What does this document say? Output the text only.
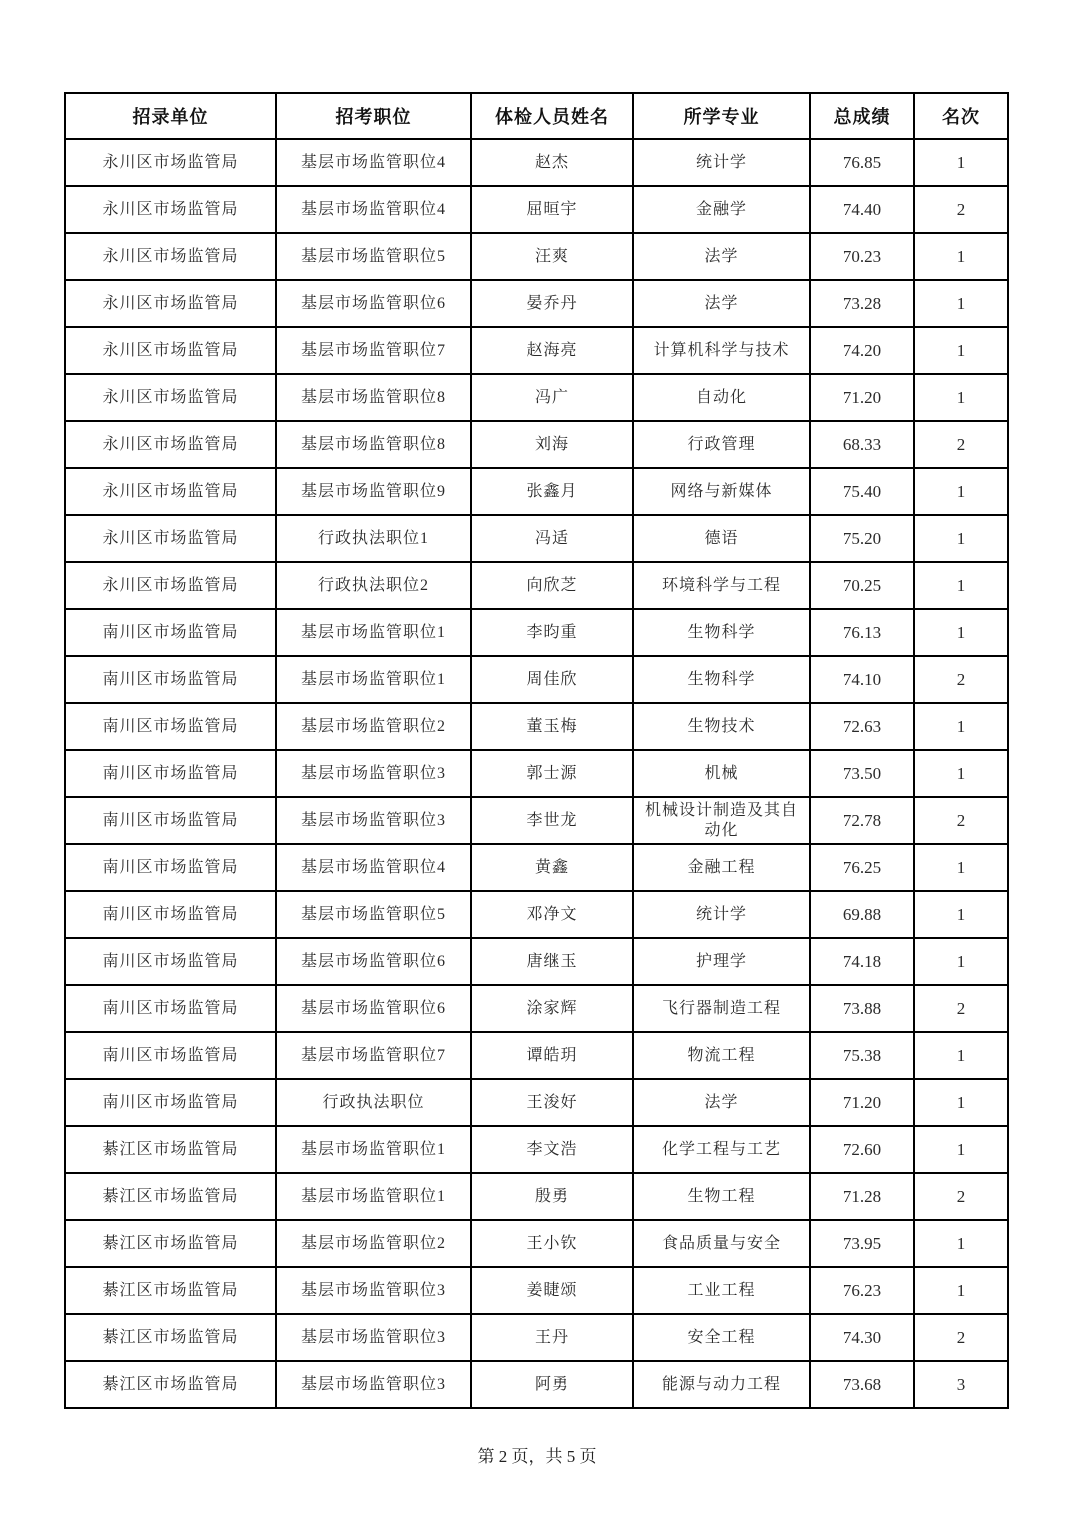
招录单位	招考职位	体检人员姓名	所学专业	总成绩	名次
永川区市场监管局	基层市场监管职位4	赵杰	统计学	76.85	1
永川区市场监管局	基层市场监管职位4	屈晅宇	金融学	74.40	2
永川区市场监管局	基层市场监管职位5	汪爽	法学	70.23	1
永川区市场监管局	基层市场监管职位6	晏乔丹	法学	73.28	1
永川区市场监管局	基层市场监管职位7	赵海亮	计算机科学与技术	74.20	1
永川区市场监管局	基层市场监管职位8	冯广	自动化	71.20	1
永川区市场监管局	基层市场监管职位8	刘海	行政管理	68.33	2
永川区市场监管局	基层市场监管职位9	张鑫月	网络与新媒体	75.40	1
永川区市场监管局	行政执法职位1	冯适	德语	75.20	1
永川区市场监管局	行政执法职位2	向欣芝	环境科学与工程	70.25	1
南川区市场监管局	基层市场监管职位1	李昀重	生物科学	76.13	1
南川区市场监管局	基层市场监管职位1	周佳欣	生物科学	74.10	2
南川区市场监管局	基层市场监管职位2	董玉梅	生物技术	72.63	1
南川区市场监管局	基层市场监管职位3	郭士源	机械	73.50	1
南川区市场监管局	基层市场监管职位3	李世龙	机械设计制造及其自动化	72.78	2
南川区市场监管局	基层市场监管职位4	黄鑫	金融工程	76.25	1
南川区市场监管局	基层市场监管职位5	邓净文	统计学	69.88	1
南川区市场监管局	基层市场监管职位6	唐继玉	护理学	74.18	1
南川区市场监管局	基层市场监管职位6	涂家辉	飞行器制造工程	73.88	2
南川区市场监管局	基层市场监管职位7	谭皓玥	物流工程	75.38	1
南川区市场监管局	行政执法职位	王浚好	法学	71.20	1
綦江区市场监管局	基层市场监管职位1	李文浩	化学工程与工艺	72.60	1
綦江区市场监管局	基层市场监管职位1	殷勇	生物工程	71.28	2
綦江区市场监管局	基层市场监管职位2	王小钦	食品质量与安全	73.95	1
綦江区市场监管局	基层市场监管职位3	姜睫颂	工业工程	76.23	1
綦江区市场监管局	基层市场监管职位3	王丹	安全工程	74.30	2
綦江区市场监管局	基层市场监管职位3	阿勇	能源与动力工程	73.68	3
第 2 页，共 5 页
